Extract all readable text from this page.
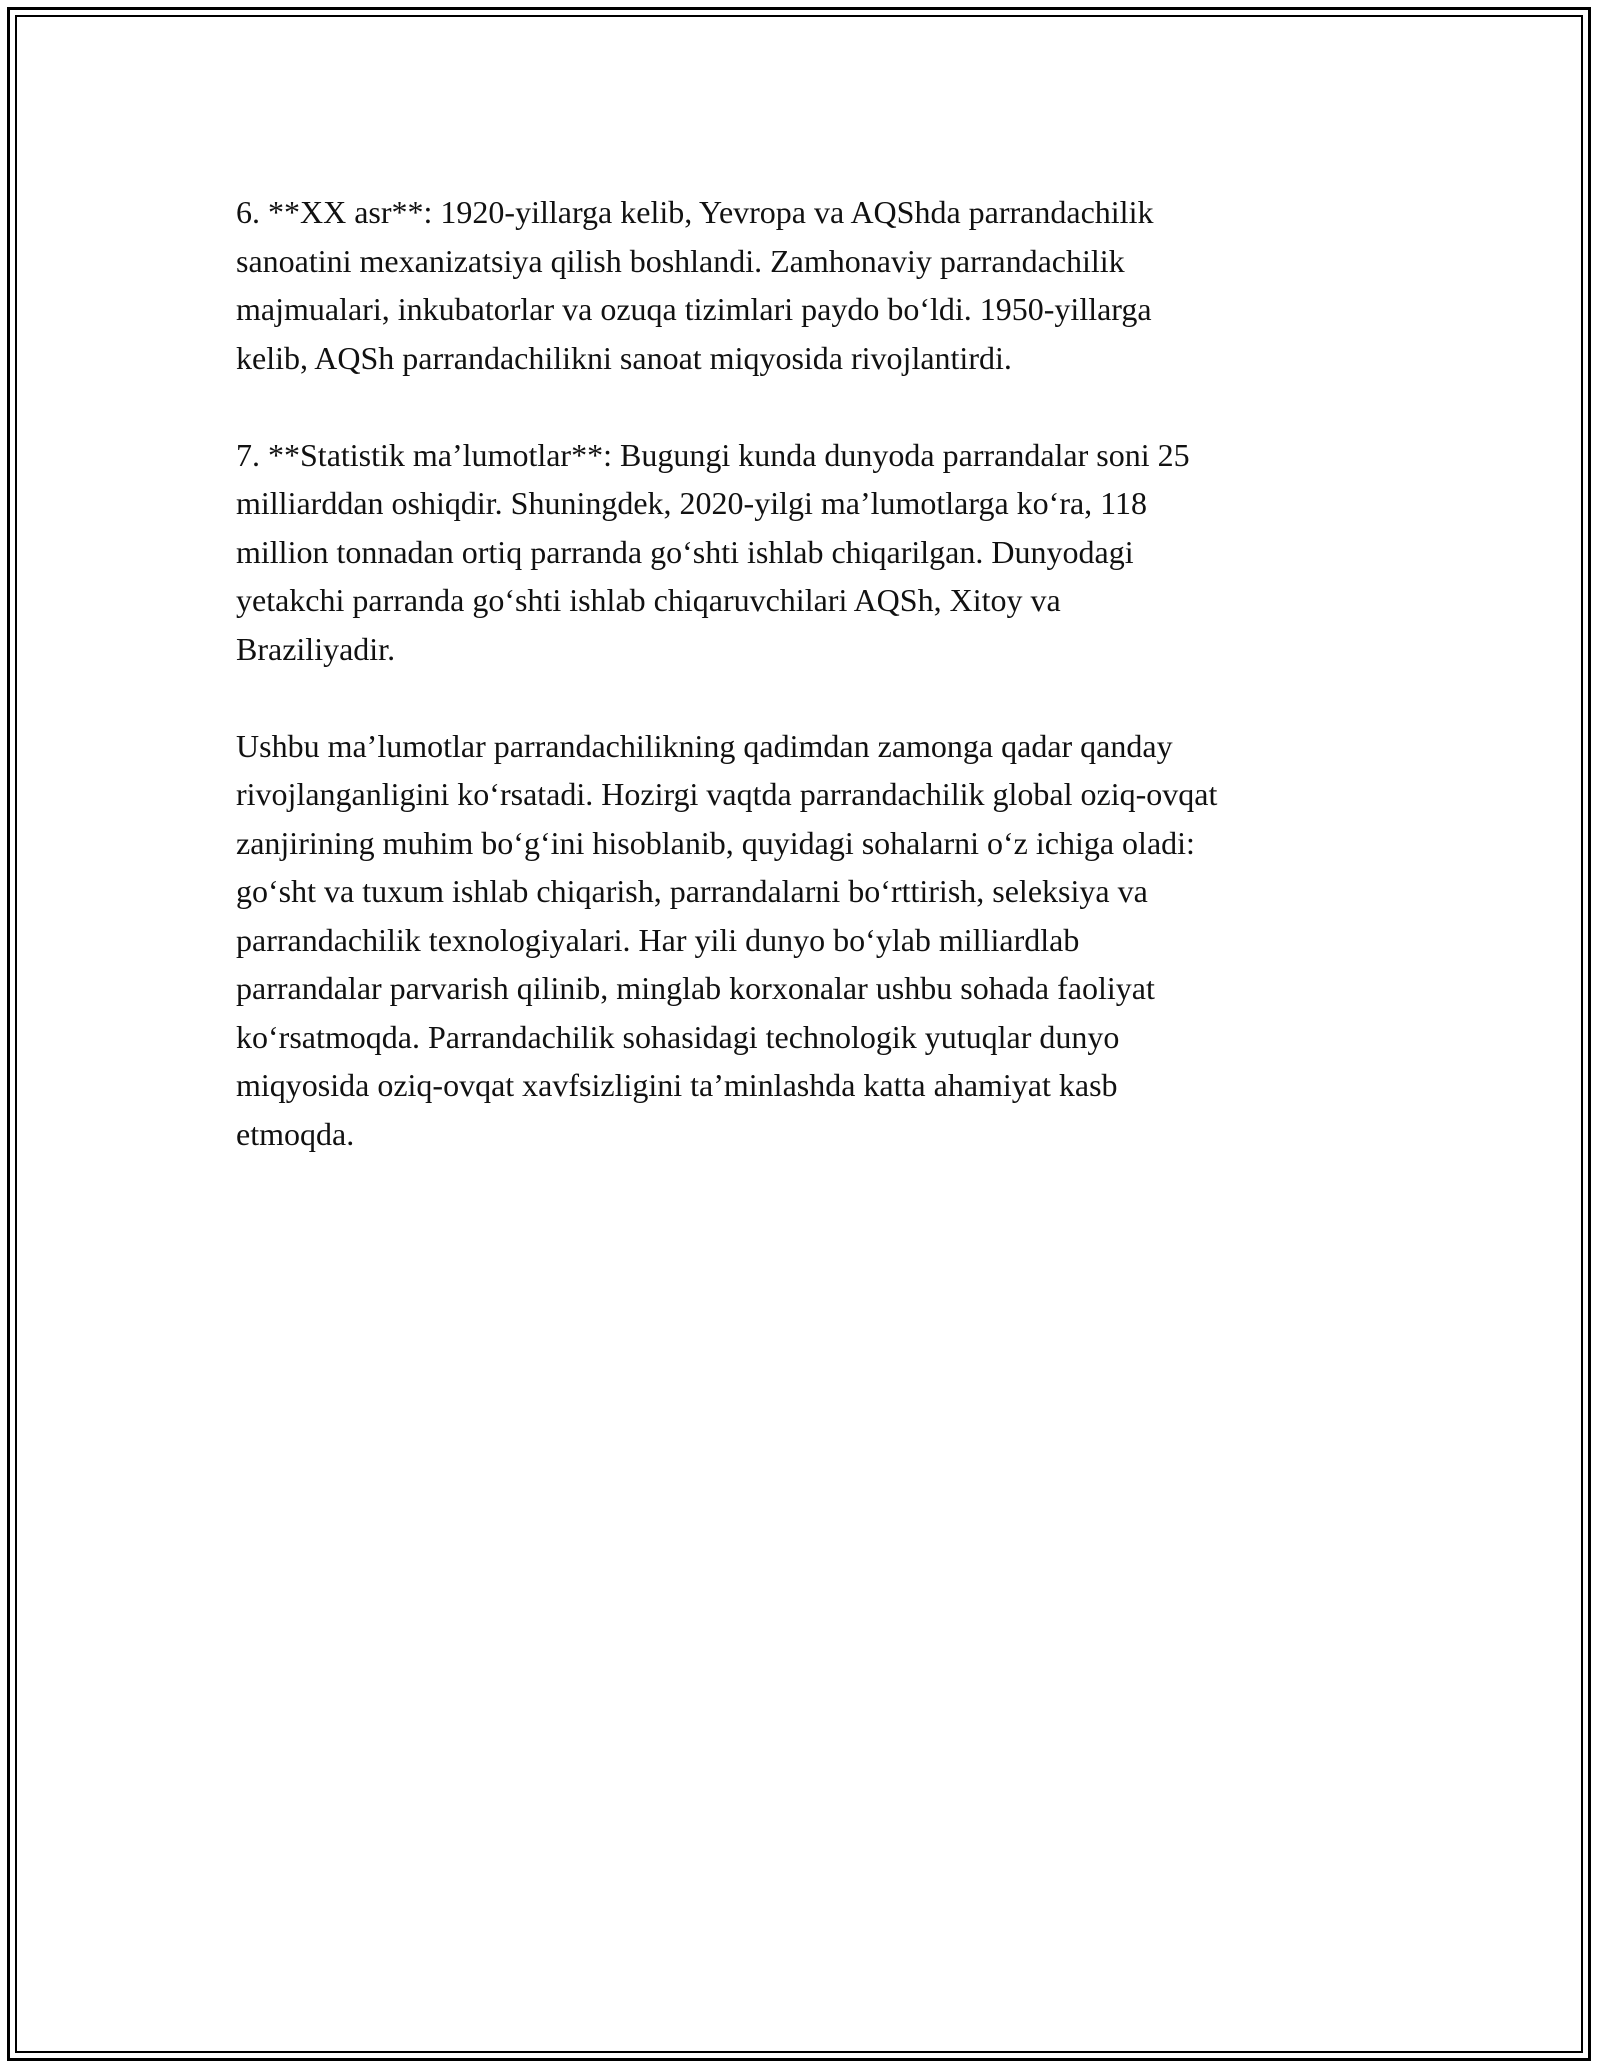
6. **XX asr**: 1920-yillarga kelib, Yevropa va AQShda parrandachilik
sanoatini mexanizatsiya qilish boshlandi. Zamhonaviy parrandachilik
majmualari, inkubatorlar va ozuqa tizimlari paydo bo‘ldi. 1950-yillarga
kelib, AQSh parrandachilikni sanoat miqyosida rivojlantirdi.

7. **Statistik ma’lumotlar**: Bugungi kunda dunyoda parrandalar soni 25
milliarddan oshiqdir. Shuningdek, 2020-yilgi ma’lumotlarga ko‘ra, 118
million tonnadan ortiq parranda go‘shti ishlab chiqarilgan. Dunyodagi
yetakchi parranda go‘shti ishlab chiqaruvchilari AQSh, Xitoy va
Braziliyadir.

Ushbu ma’lumotlar parrandachilikning qadimdan zamonga qadar qanday
rivojlanganligini ko‘rsatadi. Hozirgi vaqtda parrandachilik global oziq-ovqat
zanjirining muhim bo‘g‘ini hisoblanib, quyidagi sohalarni o‘z ichiga oladi:
go‘sht va tuxum ishlab chiqarish, parrandalarni bo‘rttirish, seleksiya va
parrandachilik texnologiyalari. Har yili dunyo bo‘ylab milliardlab
parrandalar parvarish qilinib, minglab korxonalar ushbu sohada faoliyat
ko‘rsatmoqda. Parrandachilik sohasidagi technologik yutuqlar dunyo
miqyosida oziq-ovqat xavfsizligini ta’minlashda katta ahamiyat kasb
etmoqda.
